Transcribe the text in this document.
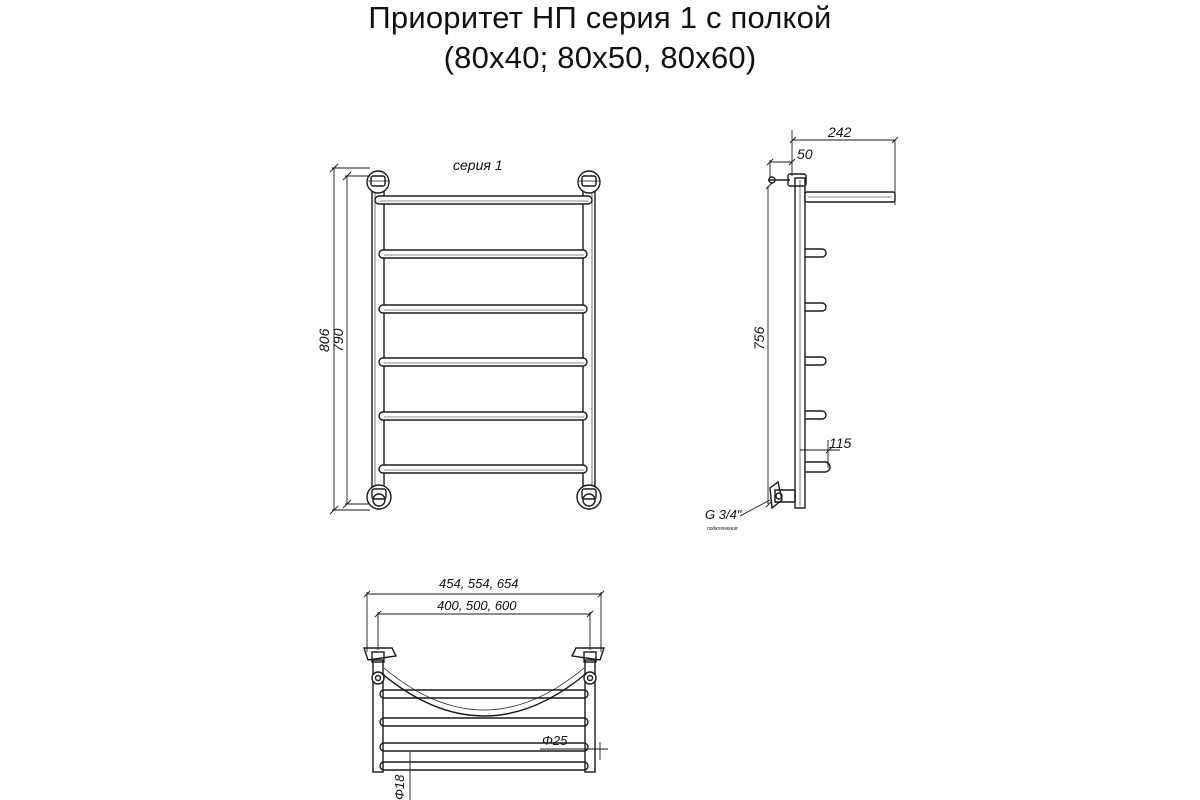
Приоритет НП серия 1 с полкой
(80х40; 80х50, 80х60)
серия 1
806
790
242
50
756
115
G 3/4"
подключения
454, 554, 654
400, 500, 600
Φ25
Φ18
